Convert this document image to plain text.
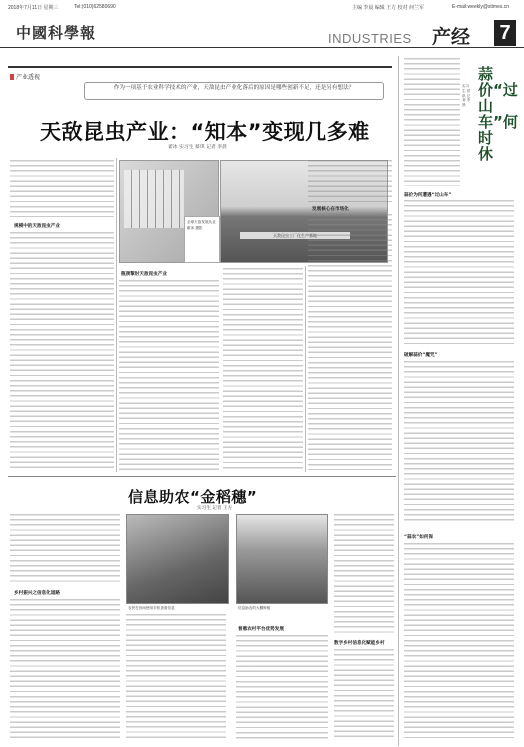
2018年7月11日 星期三	Tel:(010)62580690	主编 李晨 编辑 王方 校对 何兰军	E-mail:weekly@stimes.cn
中國科學報	INDUSTRIES 产经 7
产业透视
作为一项基于农业科学技术的产业，天敌昆虫产业化落后的原因是哪些创新不足，还是另有想法？
天敌昆虫产业：“知本”变现几多难
翟冰 实习生 蔡琪 记者 李晨
规模中的天敌昆虫产业
全球天敌发展从业 翟冰 摄影
天敌昆虫工厂化生产基地
瓶颈掣肘天敌昆虫产业
发展核心在市场化
蒜价“过山车”何时休
实习生 蔡琪 记者 李晨
蒜价为何遭遇“过山车”
破解蒜价“魔咒”
“蒜农”如何保
信息助农“金稻穗”
实习生 记者 王方
乡村振兴之信息化道路
农民在田间使用手机查看信息	信息助农的大棚种植
普惠农村平台优势发展
数字乡村信息化赋能乡村
